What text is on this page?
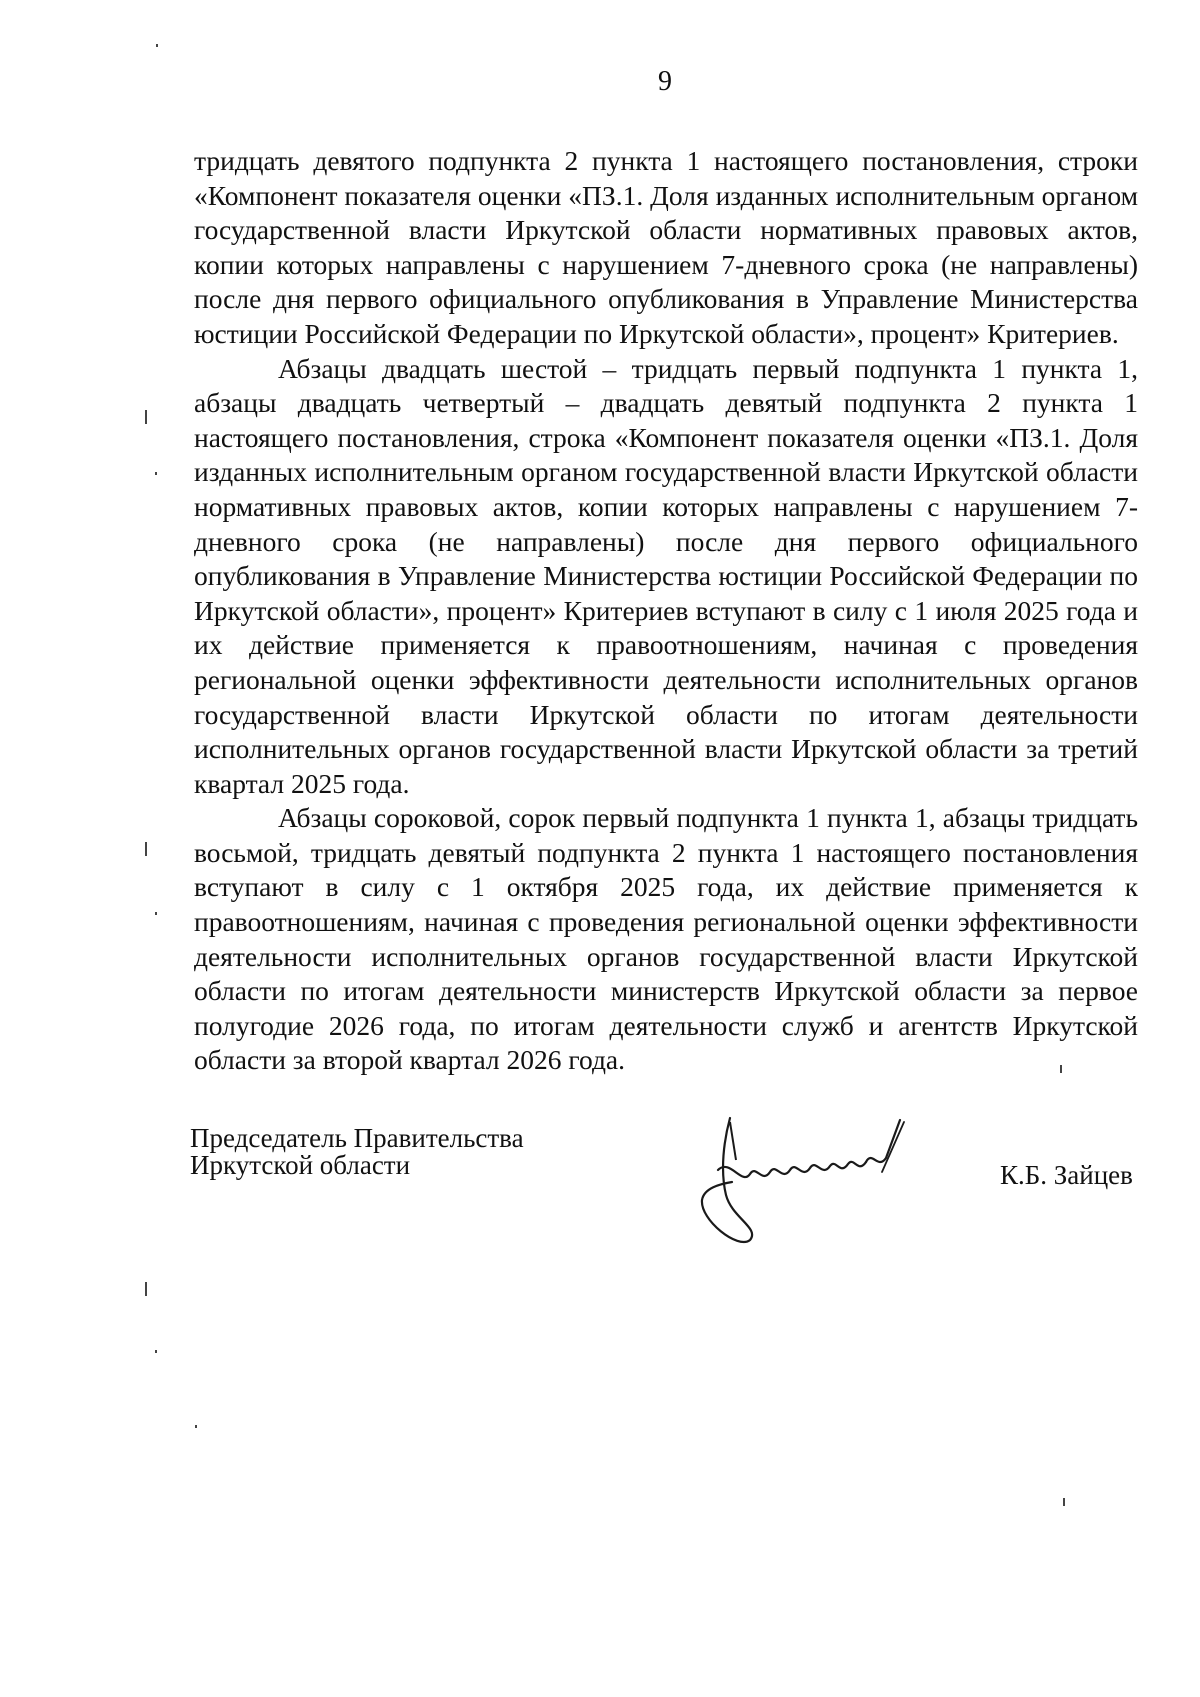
9

тридцать девятого подпункта 2 пункта 1 настоящего постановления, строки «Компонент показателя оценки «ПЗ.1. Доля изданных исполнительным органом государственной власти Иркутской области нормативных правовых актов, копии которых направлены с нарушением 7-дневного срока (не направлены) после дня первого официального опубликования в Управление Министерства юстиции Российской Федерации по Иркутской области», процент» Критериев.

Абзацы двадцать шестой – тридцать первый подпункта 1 пункта 1, абзацы двадцать четвертый – двадцать девятый подпункта 2 пункта 1 настоящего постановления, строка «Компонент показателя оценки «ПЗ.1. Доля изданных исполнительным органом государственной власти Иркутской области нормативных правовых актов, копии которых направлены с нарушением 7-дневного срока (не направлены) после дня первого официального опубликования в Управление Министерства юстиции Российской Федерации по Иркутской области», процент» Критериев вступают в силу с 1 июля 2025 года и их действие применяется к правоотношениям, начиная с проведения региональной оценки эффективности деятельности исполнительных органов государственной власти Иркутской области по итогам деятельности исполнительных органов государственной власти Иркутской области за третий квартал 2025 года.

Абзацы сороковой, сорок первый подпункта 1 пункта 1, абзацы тридцать восьмой, тридцать девятый подпункта 2 пункта 1 настоящего постановления вступают в силу с 1 октября 2025 года, их действие применяется к правоотношениям, начиная с проведения региональной оценки эффективности деятельности исполнительных органов государственной власти Иркутской области по итогам деятельности министерств Иркутской области за первое полугодие 2026 года, по итогам деятельности служб и агентств Иркутской области за второй квартал 2026 года.

Председатель Правительства
Иркутской области	К.Б. Зайцев
